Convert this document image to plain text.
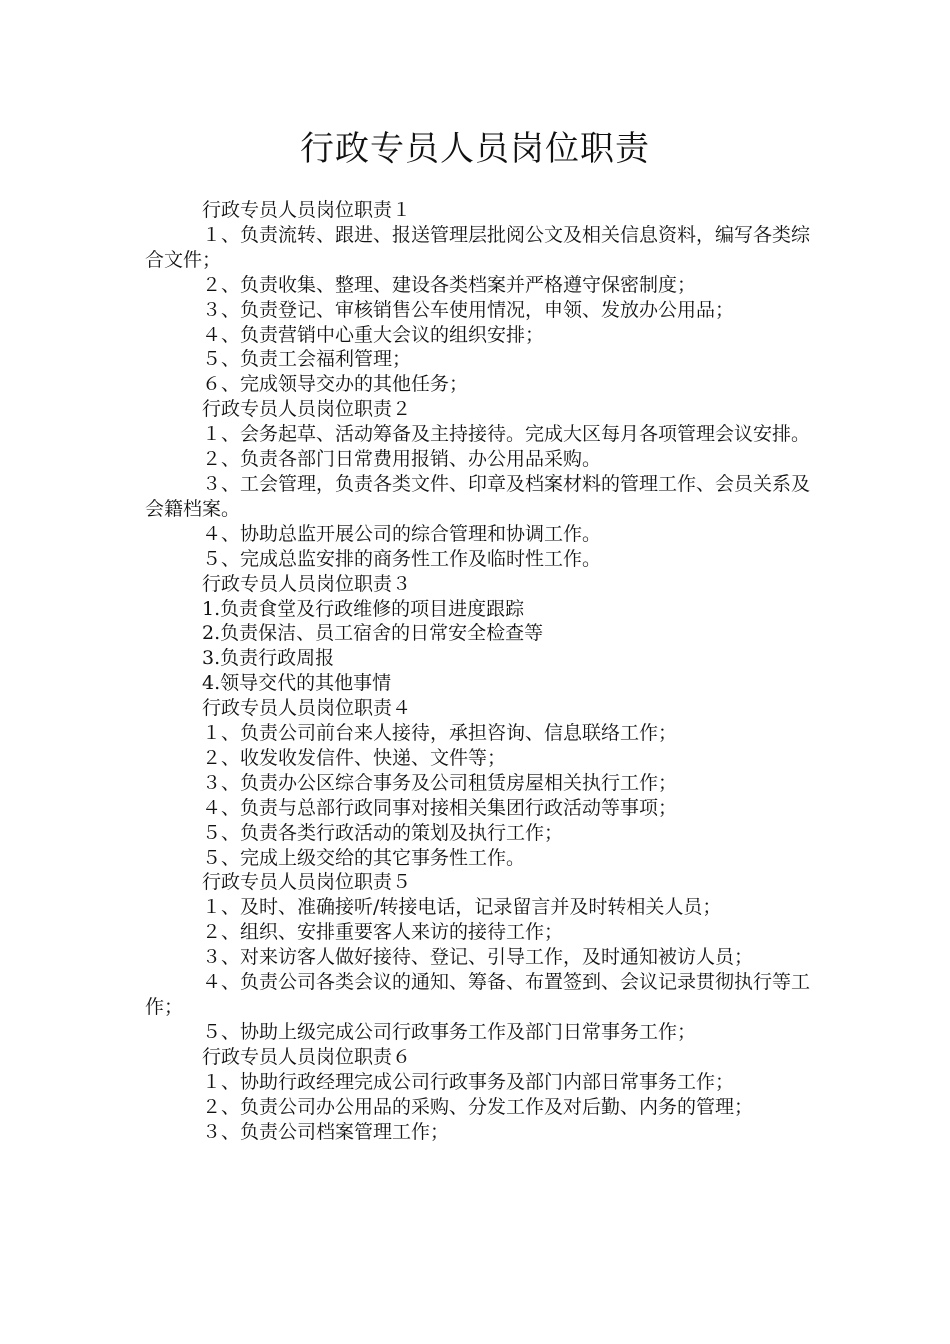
行政专员人员岗位职责

行政专员人员岗位职责１

１、负责流转、跟进、报送管理层批阅公文及相关信息资料，编写各类综合文件；

２、负责收集、整理、建设各类档案并严格遵守保密制度；

３、负责登记、审核销售公车使用情况，申领、发放办公用品；

４、负责营销中心重大会议的组织安排；

５、负责工会福利管理；

６、完成领导交办的其他任务；

行政专员人员岗位职责２

１、会务起草、活动筹备及主持接待。完成大区每月各项管理会议安排。

２、负责各部门日常费用报销、办公用品采购。

３、工会管理，负责各类文件、印章及档案材料的管理工作、会员关系及会籍档案。

４、协助总监开展公司的综合管理和协调工作。

５、完成总监安排的商务性工作及临时性工作。

行政专员人员岗位职责３

1.负责食堂及行政维修的项目进度跟踪

2.负责保洁、员工宿舍的日常安全检查等

3.负责行政周报

4.领导交代的其他事情

行政专员人员岗位职责４

１、负责公司前台来人接待，承担咨询、信息联络工作；

２、收发收发信件、快递、文件等；

３、负责办公区综合事务及公司租赁房屋相关执行工作；

４、负责与总部行政同事对接相关集团行政活动等事项；

５、负责各类行政活动的策划及执行工作；

５、完成上级交给的其它事务性工作。

行政专员人员岗位职责５

１、及时、准确接听/转接电话，记录留言并及时转相关人员；

２、组织、安排重要客人来访的接待工作；

３、对来访客人做好接待、登记、引导工作，及时通知被访人员；

４、负责公司各类会议的通知、筹备、布置签到、会议记录贯彻执行等工作；

５、协助上级完成公司行政事务工作及部门日常事务工作；

行政专员人员岗位职责６

１、协助行政经理完成公司行政事务及部门内部日常事务工作；

２、负责公司办公用品的采购、分发工作及对后勤、内务的管理；

３、负责公司档案管理工作；
